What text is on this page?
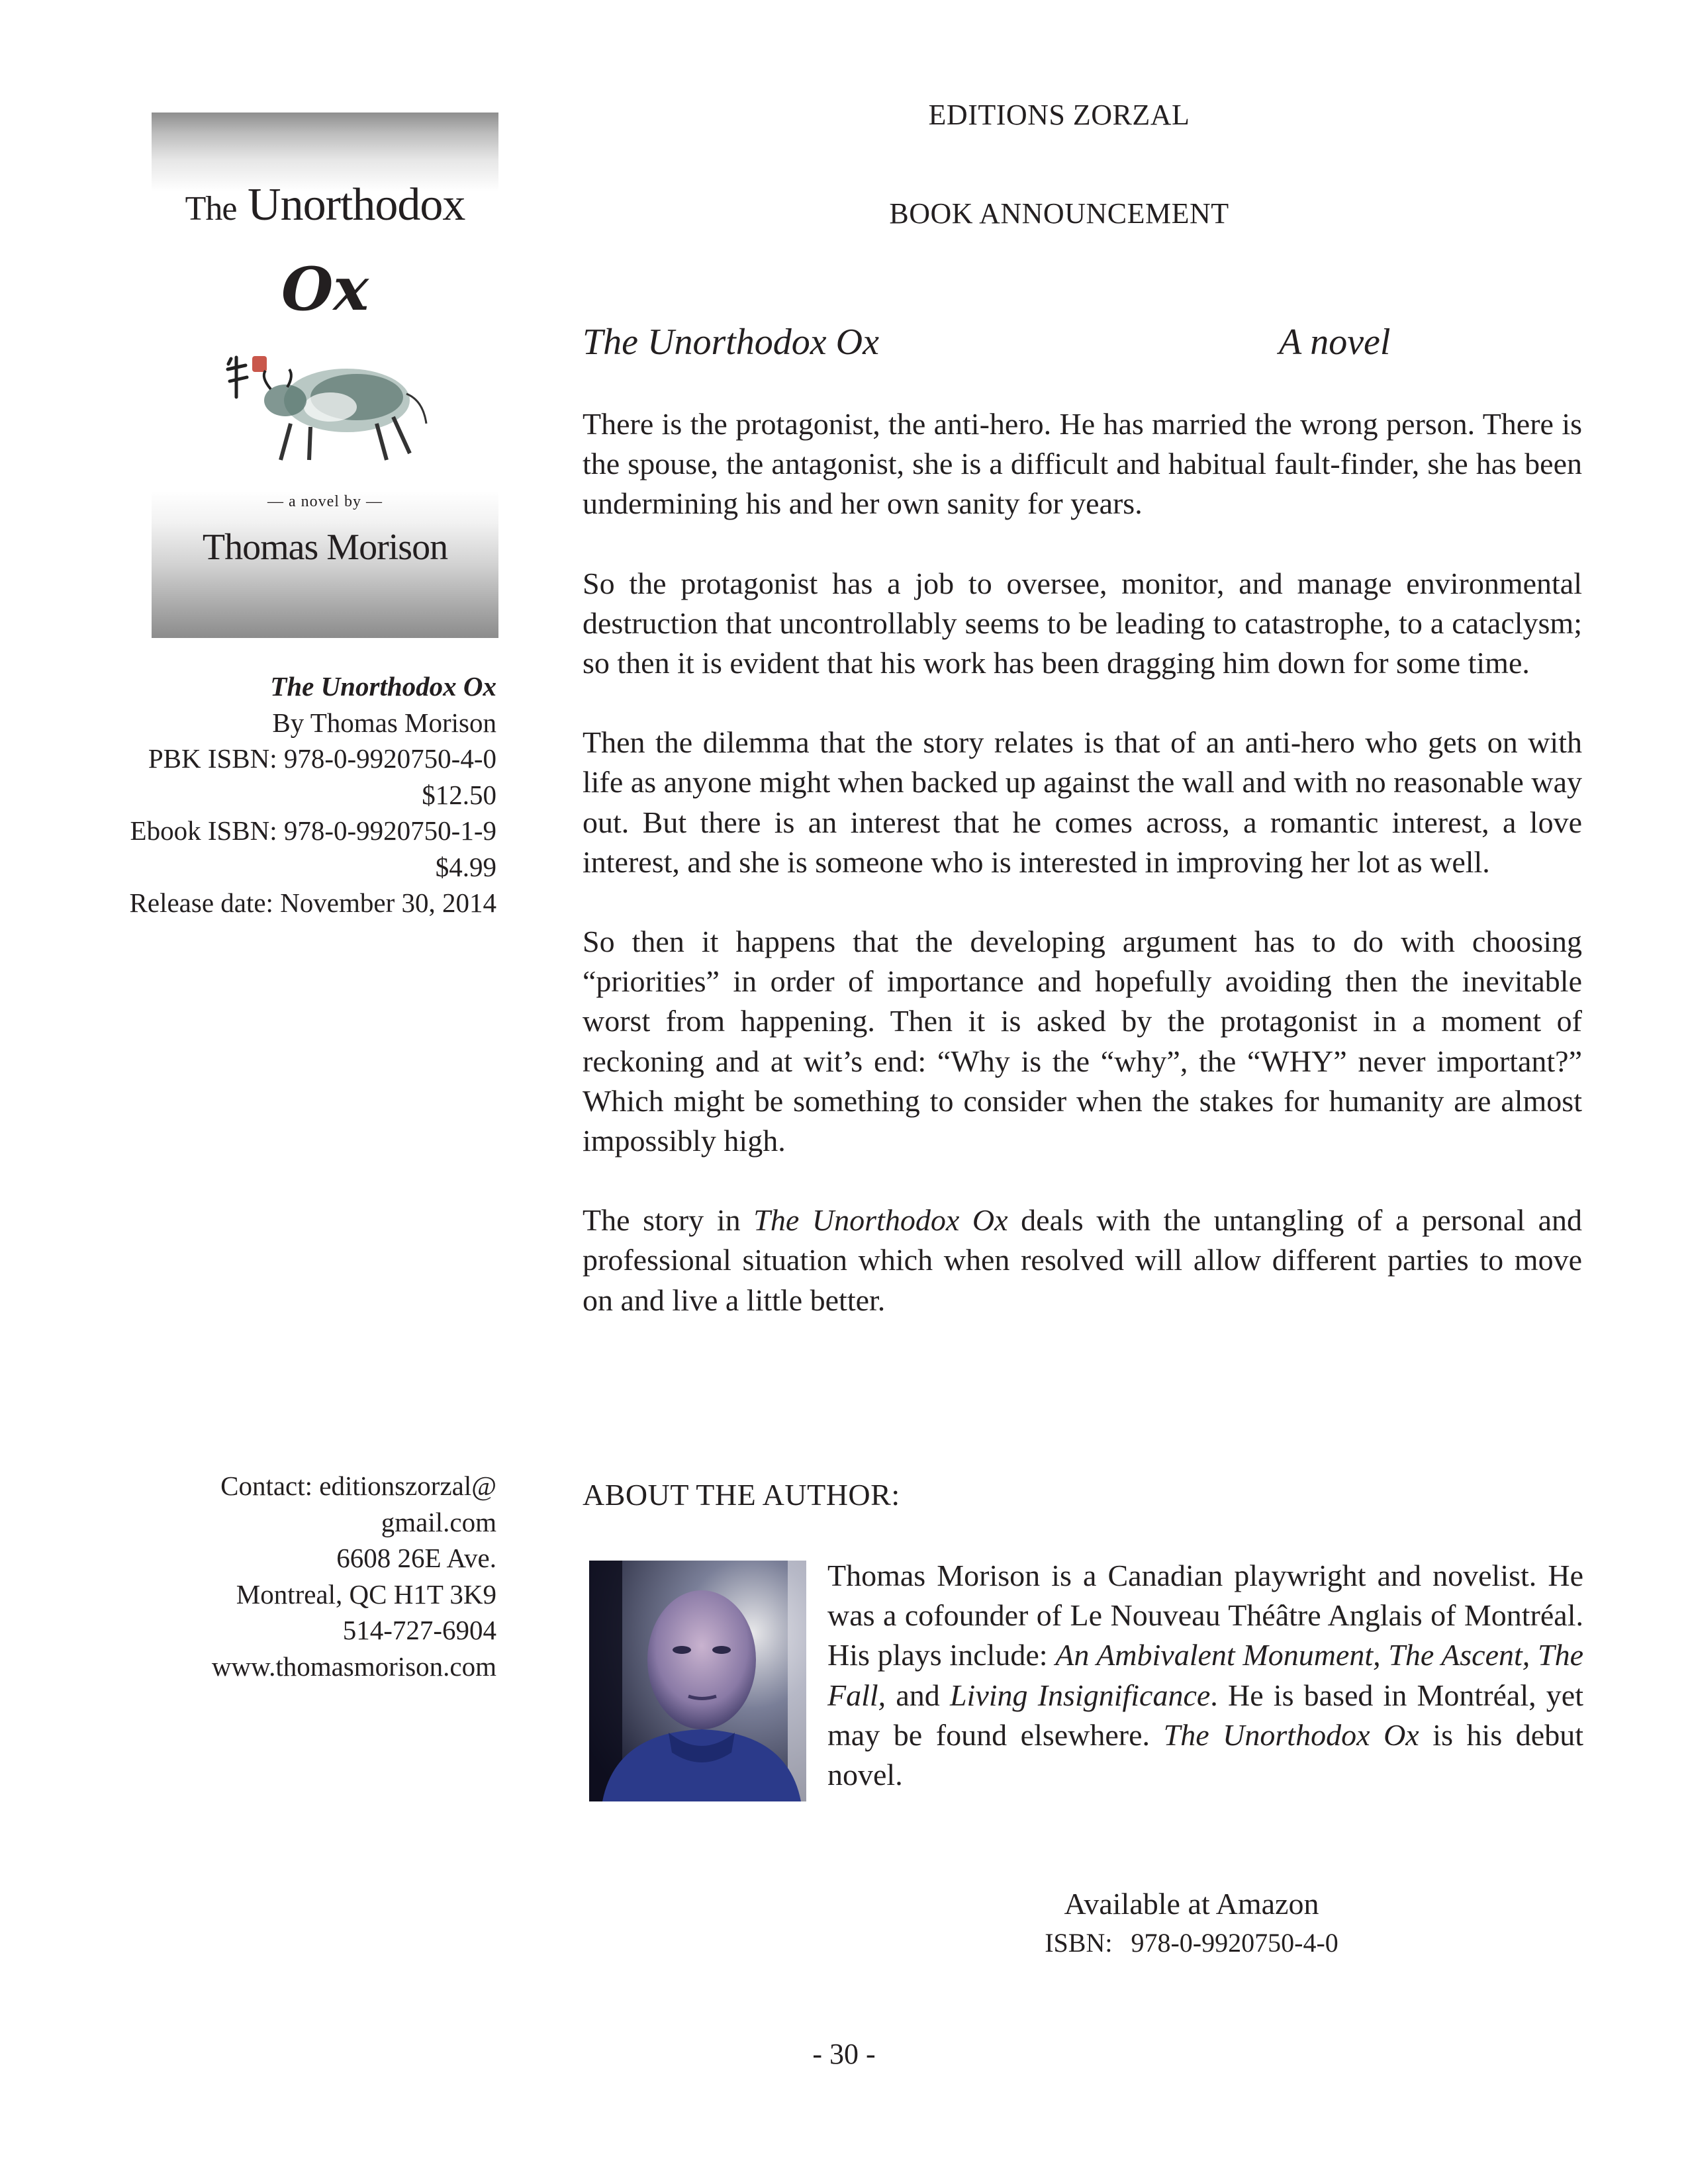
The Unorthodox
Ox
— a novel by —
Thomas Morison
The Unorthodox Ox
By Thomas Morison
PBK ISBN: 978-0-9920750-4-0
$12.50
Ebook ISBN: 978-0-9920750-1-9
$4.99
Release date: November 30, 2014
Contact: editionszorzal@
gmail.com
6608 26E Ave.
Montreal, QC H1T 3K9
514-727-6904
www.thomasmorison.com
EDITIONS ZORZAL
BOOK ANNOUNCEMENT
The Unorthodox Ox	A novel

There is the protagonist, the anti-hero. He has married the wrong person. There is the spouse, the antagonist, she is a difficult and habitual fault-finder, she has been undermining his and her own sanity for years.

So the protagonist has a job to oversee, monitor, and manage environmental destruction that uncontrollably seems to be leading to catastrophe, to a cataclysm; so then it is evident that his work has been dragging him down for some time.

Then the dilemma that the story relates is that of an anti-hero who gets on with life as anyone might when backed up against the wall and with no reasonable way out. But there is an interest that he comes across, a romantic interest, a love interest, and she is someone who is interested in improving her lot as well.

So then it happens that the developing argument has to do with choosing “priorities” in order of importance and hopefully avoiding then the inevitable worst from happening. Then it is asked by the protagonist in a moment of reckoning and at wit’s end: “Why is the “why”, the “WHY” never important?” Which might be something to consider when the stakes for humanity are almost impossibly high.

The story in The Unorthodox Ox deals with the untangling of a personal and professional situation which when resolved will allow different parties to move on and live a little better.

ABOUT THE AUTHOR:
Thomas Morison is a Canadian playwright and novelist. He was a cofounder of Le Nouveau Théâtre Anglais of Montréal. His plays include: An Ambivalent Monument, The Ascent, The Fall, and Living Insignificance. He is based in Montréal, yet may be found elsewhere. The Unorthodox Ox is his debut novel.
Available at Amazon
ISBN: 978-0-9920750-4-0
- 30 -
